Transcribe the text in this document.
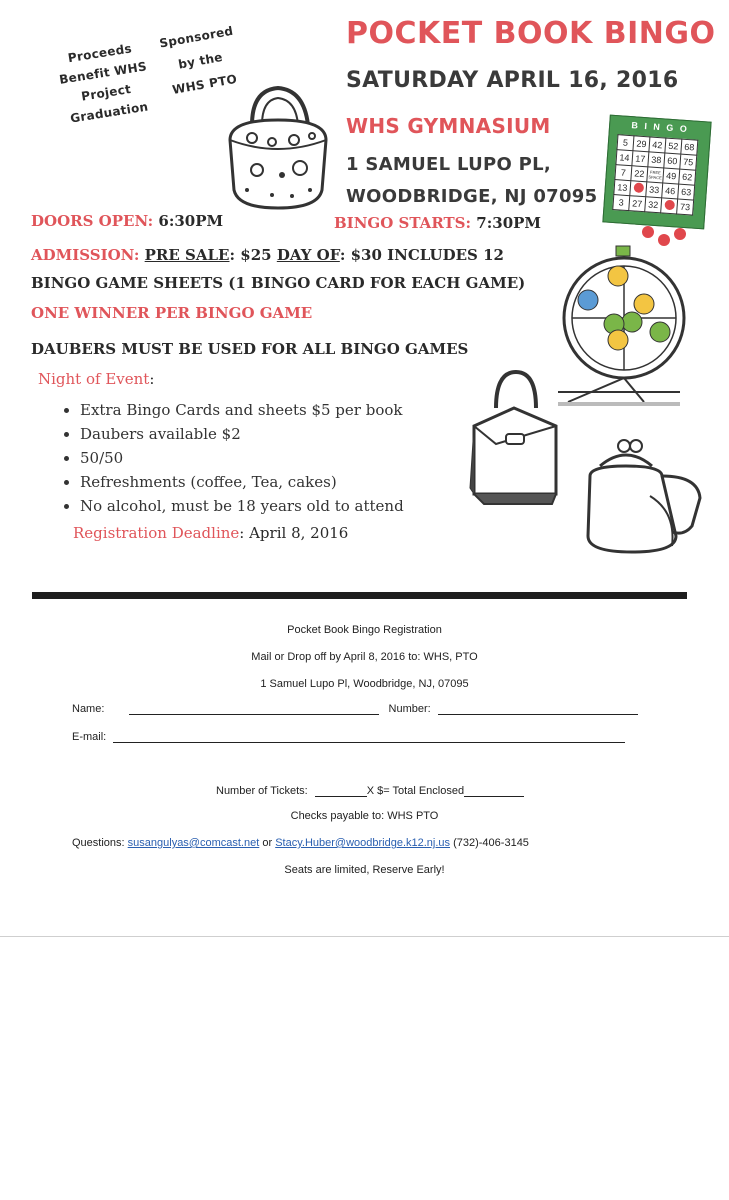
Proceeds
Benefit WHS
Project
Graduation
Sponsored
by the
WHS PTO
POCKET BOOK BINGO
SATURDAY APRIL 16, 2016
WHS GYMNASIUM
1 SAMUEL LUPO PL,
WOODBRIDGE, NJ 07095
B I N G O
5	29	42	52	68
14	17	38	60	75
7	22	FREE SPACE	49	62
13		33	46	63
3	27	32		73
DOORS OPEN: 6:30PM	BINGO STARTS: 7:30PM
ADMISSION: PRE SALE: $25 DAY OF: $30 INCLUDES 12
BINGO GAME SHEETS (1 BINGO CARD FOR EACH GAME)
ONE WINNER PER BINGO GAME
DAUBERS MUST BE USED FOR ALL BINGO GAMES
Night of Event:
• Extra Bingo Cards and sheets $5 per book
• Daubers available $2
• 50/50
• Refreshments (coffee, Tea, cakes)
• No alcohol, must be 18 years old to attend
Registration Deadline: April 8, 2016
Pocket Book Bingo Registration
Mail or Drop off by April 8, 2016 to: WHS, PTO
1 Samuel Lupo Pl, Woodbridge, NJ, 07095
Name:	Number:
E-mail:
Number of Tickets:	X $= Total Enclosed
Checks payable to: WHS PTO
Questions: susangulyas@comcast.net or Stacy.Huber@woodbridge.k12.nj.us (732)-406-3145
Seats are limited, Reserve Early!
